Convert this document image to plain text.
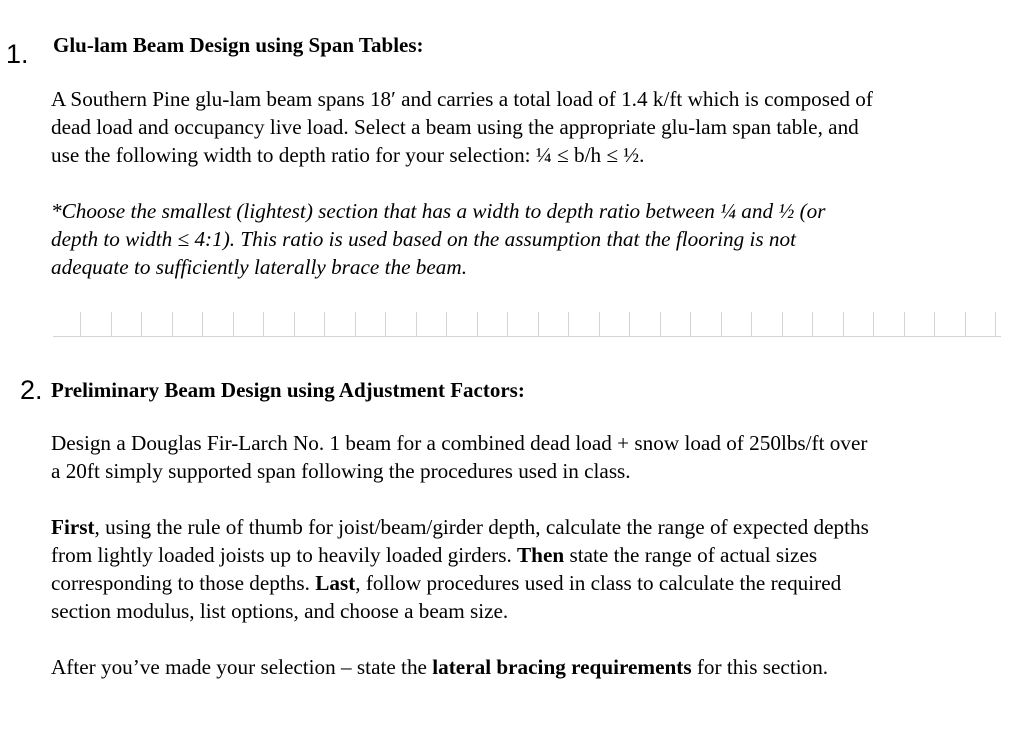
1. Glu-lam Beam Design using Span Tables:
A Southern Pine glu-lam beam spans 18′ and carries a total load of 1.4 k/ft which is composed of
dead load and occupancy live load. Select a beam using the appropriate glu-lam span table, and
use the following width to depth ratio for your selection: ¼ ≤ b/h ≤ ½.
*Choose the smallest (lightest) section that has a width to depth ratio between ¼ and ½ (or
depth to width ≤ 4:1). This ratio is used based on the assumption that the flooring is not
adequate to sufficiently laterally brace the beam.
2. Preliminary Beam Design using Adjustment Factors:
Design a Douglas Fir-Larch No. 1 beam for a combined dead load + snow load of 250lbs/ft over
a 20ft simply supported span following the procedures used in class.
First, using the rule of thumb for joist/beam/girder depth, calculate the range of expected depths
from lightly loaded joists up to heavily loaded girders. Then state the range of actual sizes
corresponding to those depths. Last, follow procedures used in class to calculate the required
section modulus, list options, and choose a beam size.
After you’ve made your selection – state the lateral bracing requirements for this section.
